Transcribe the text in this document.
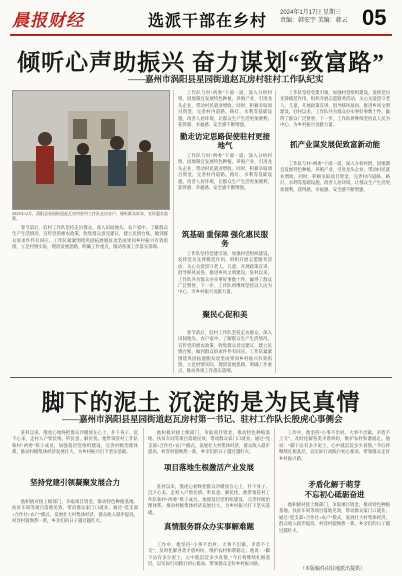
晨报财经	选派干部在乡村 2024年1月17日 星期三
责编：韩宏宇 美编：韩云 05
倾听心声助振兴 奋力谋划“致富路”
——嘉州市涡阳县星园街道赵瓦房村驻村工作队纪实
2023年12月，涡阳县星园街道赵瓦房村驻村工作队走访农户，倾听群众诉求，宣传惠农政策。
勤走访定思路促使驻村更接地气

春节前后，驻村工作队坚持走访群众，深入田间地头、农户家中，了解群众生产生活情况，宣传党的惠农政策，收集群众意见建议，建立民情台账，做到群众诉求件件有回应。工作队紧紧围绕巩固拓展脱贫攻坚成果同乡村振兴有效衔接，立足村情实际，理清发展思路，明确工作重点，推动各项工作落实落细。

工作队与村“两委”干部一道，深入分析村情，因地制宜发展特色种植、养殖产业，引进龙头企业，带动村民就业增收。同时，积极争取项目资金，完善村内道路、路灯、水利等基础设施，改善人居环境，让群众生产生活更加便利，获得感、幸福感、安全感不断增强。

工作队与村“两委”干部一道，深入分析村情，因地制宜发展特色种植、养殖产业，引进龙头企业，带动村民就业增收。同时，积极争取项目资金，完善村内道路、路灯、水利等基础设施，改善人居环境，让群众生产生活更加便利，获得感、幸福感、安全感不断增强。

筑基础 重保障 强化惠民服务

工作队坚持党建引领，加强村党组织建设，发挥党员先锋模范作用，组织开展志愿服务活动，关心关爱留守老人、儿童，开展政策宣讲，倡导移风易俗，推进乡风文明建设。驻村以来，工作队共为群众办实事好事数十件，赢得了群众广泛赞誉。下一步，工作队将继续坚持以人民为中心，为乡村振兴贡献力量。

聚民心促和美

春节前后，驻村工作队坚持走访群众，深入田间地头、农户家中，了解群众生产生活情况，宣传党的惠农政策，收集群众意见建议，建立民情台账，做到群众诉求件件有回应。工作队紧紧围绕巩固拓展脱贫攻坚成果同乡村振兴有效衔接，立足村情实际，理清发展思路，明确工作重点，推动各项工作落实落细。

工作队坚持党建引领，加强村党组织建设，发挥党员先锋模范作用，组织开展志愿服务活动，关心关爱留守老人、儿童，开展政策宣讲，倡导移风易俗，推进乡风文明建设。驻村以来，工作队共为群众办实事好事数十件，赢得了群众广泛赞誉。下一步，工作队将继续坚持以人民为中心，为乡村振兴贡献力量。

抓产业谋发展促致富新动能

工作队与村“两委”干部一道，深入分析村情，因地制宜发展特色种植、养殖产业，引进龙头企业，带动村民就业增收。同时，积极争取项目资金，完善村内道路、路灯、水利等基础设施，改善人居环境，让群众生产生活更加便利，获得感、幸福感、安全感不断增强。

脚下的泥土 沉淀的是为民真情
——嘉州市涡阳县星园街道赵瓦房村第一书记、驻村工作队长殷虎心事侧会

驻村以来，殷虎心始终把群众冷暖放在心上，扑下身子、沉下心来，走村入户察民情、听民意、解民忧。他带领驻村工作队和村“两委”班子成员，加强基层党组织建设，完善村级治理体系，推动村级集体经济发展壮大，为乡村振兴打下坚实基础。

坚持党建引领凝聚发展合力

他积极对接上级部门，争取项目资金，推动特色种植基地、扶贫车间等项目落地见效，带动群众家门口就业。通过“党支部+合作社+农户”模式，发展壮大村集体经济，群众收入稳步提高，村容村貌焕然一新，乡亲们的日子越过越红火。

他积极对接上级部门，争取项目资金，推动特色种植基地、扶贫车间等项目落地见效，带动群众家门口就业。通过“党支部+合作社+农户”模式，发展壮大村集体经济，群众收入稳步提高，村容村貌焕然一新，乡亲们的日子越过越红火。

项目落地生根激活产业发展

驻村以来，殷虎心始终把群众冷暖放在心上，扑下身子、沉下心来，走村入户察民情、听民意、解民忧。他带领驻村工作队和村“两委”班子成员，加强基层党组织建设，完善村级治理体系，推动村级集体经济发展壮大，为乡村振兴打下坚实基础。

真情服务群众办实事解难题

工作中，他坚持“小事不出村、大事不出镇、矛盾不上交”，及时化解各类矛盾纠纷，维护农村和谐稳定。他说：“脚下沾有多少泥土，心中就沉淀多少真情。”今后将继续扎根基层，以实际行动践行初心使命，带领群众走好乡村振兴路。

工作中，他坚持“小事不出村、大事不出镇、矛盾不上交”，及时化解各类矛盾纠纷，维护农村和谐稳定。他说：“脚下沾有多少泥土，心中就沉淀多少真情。”今后将继续扎根基层，以实际行动践行初心使命，带领群众走好乡村振兴路。

矛盾化解于萌芽
不忘初心砥砺奋进

他积极对接上级部门，争取项目资金，推动特色种植基地、扶贫车间等项目落地见效，带动群众家门口就业。通过“党支部+合作社+农户”模式，发展壮大村集体经济，群众收入稳步提高，村容村貌焕然一新，乡亲们的日子越过越红火。

（本版稿件由驻地派出提供）
